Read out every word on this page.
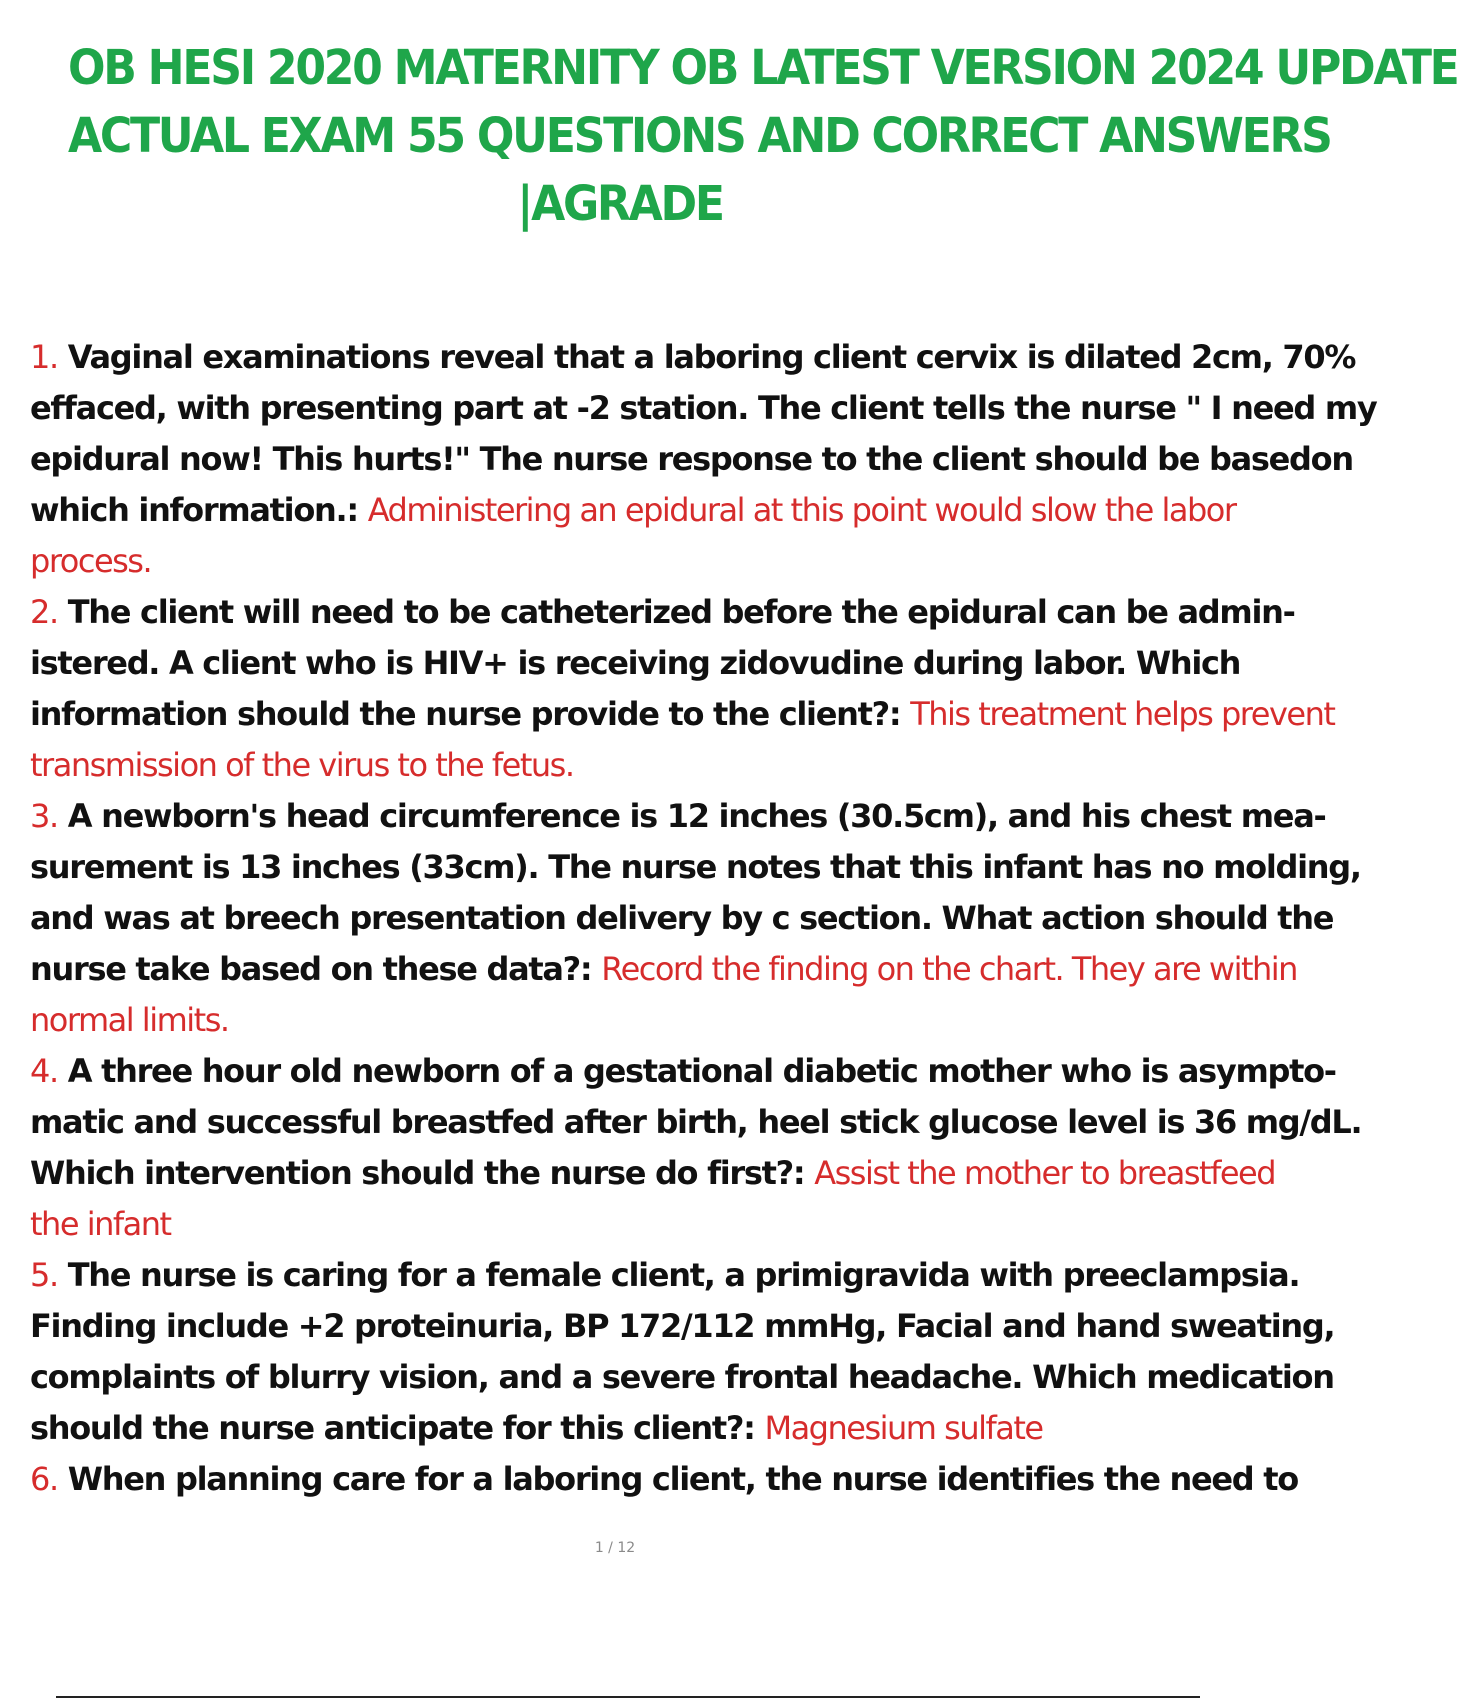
OB HESI 2020 MATERNITY OB LATEST VERSION 2024 UPDATE
ACTUAL EXAM 55 QUESTIONS AND CORRECT ANSWERS
|AGRADE
1. Vaginal examinations reveal that a laboring client cervix is dilated 2cm, 70%
effaced, with presenting part at -2 station. The client tells the nurse " I need my
epidural now! This hurts!" The nurse response to the client should be basedon
which information.: Administering an epidural at this point would slow the labor
process.
2. The client will need to be catheterized before the epidural can be admin-
istered. A client who is HIV+ is receiving zidovudine during labor. Which
information should the nurse provide to the client?: This treatment helps prevent
transmission of the virus to the fetus.
3. A newborn's head circumference is 12 inches (30.5cm), and his chest mea-
surement is 13 inches (33cm). The nurse notes that this infant has no molding,
and was at breech presentation delivery by c section. What action should the
nurse take based on these data?: Record the finding on the chart. They are within
normal limits.
4. A three hour old newborn of a gestational diabetic mother who is asympto-
matic and successful breastfed after birth, heel stick glucose level is 36 mg/dL.
Which intervention should the nurse do first?: Assist the mother to breastfeed
the infant
5. The nurse is caring for a female client, a primigravida with preeclampsia.
Finding include +2 proteinuria, BP 172/112 mmHg, Facial and hand sweating,
complaints of blurry vision, and a severe frontal headache. Which medication
should the nurse anticipate for this client?: Magnesium sulfate
6. When planning care for a laboring client, the nurse identifies the need to
1 / 12
